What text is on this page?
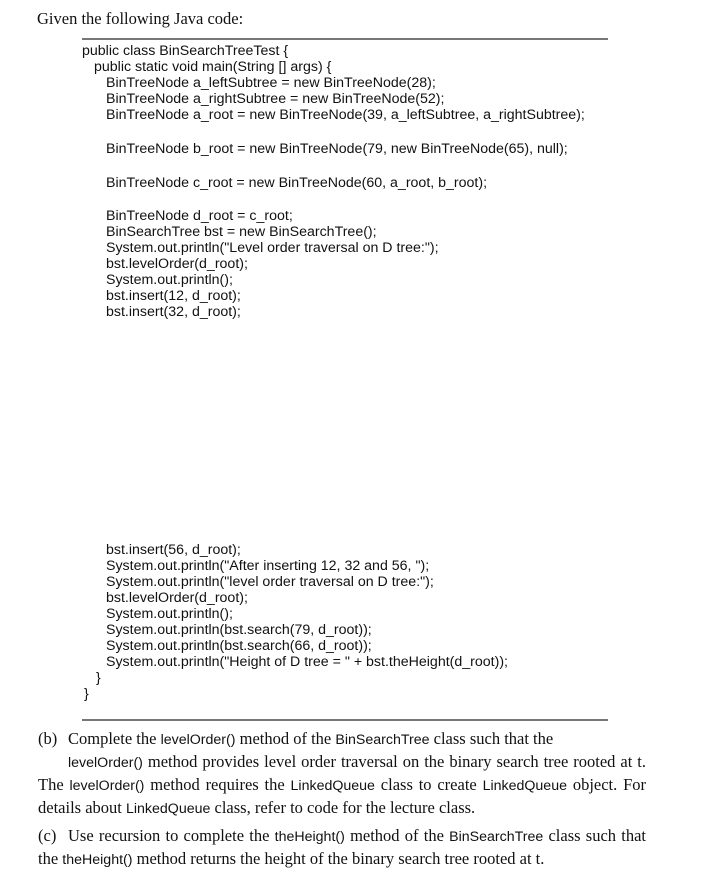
Given the following Java code:
public class BinSearchTreeTest {
public static void main(String [] args) {
BinTreeNode a_leftSubtree = new BinTreeNode(28);
BinTreeNode a_rightSubtree = new BinTreeNode(52);
BinTreeNode a_root = new BinTreeNode(39, a_leftSubtree, a_rightSubtree);
BinTreeNode b_root = new BinTreeNode(79, new BinTreeNode(65), null);
BinTreeNode c_root = new BinTreeNode(60, a_root, b_root);
BinTreeNode d_root = c_root;
BinSearchTree bst = new BinSearchTree();
System.out.println("Level order traversal on D tree:");
bst.levelOrder(d_root);
System.out.println();
bst.insert(12, d_root);
bst.insert(32, d_root);
bst.insert(56, d_root);
System.out.println("After inserting 12, 32 and 56, ");
System.out.println("level order traversal on D tree:");
bst.levelOrder(d_root);
System.out.println();
System.out.println(bst.search(79, d_root));
System.out.println(bst.search(66, d_root));
System.out.println("Height of D tree = " + bst.theHeight(d_root));
}
}
(b) Complete the levelOrder() method of the BinSearchTree class such that the
levelOrder() method provides level order traversal on the binary search tree rooted at t. The levelOrder() method requires the LinkedQueue class to create LinkedQueue object. For details about LinkedQueue class, refer to code for the lecture class.
(c) Use recursion to complete the theHeight() method of the BinSearchTree class such that the theHeight() method returns the height of the binary search tree rooted at t.
